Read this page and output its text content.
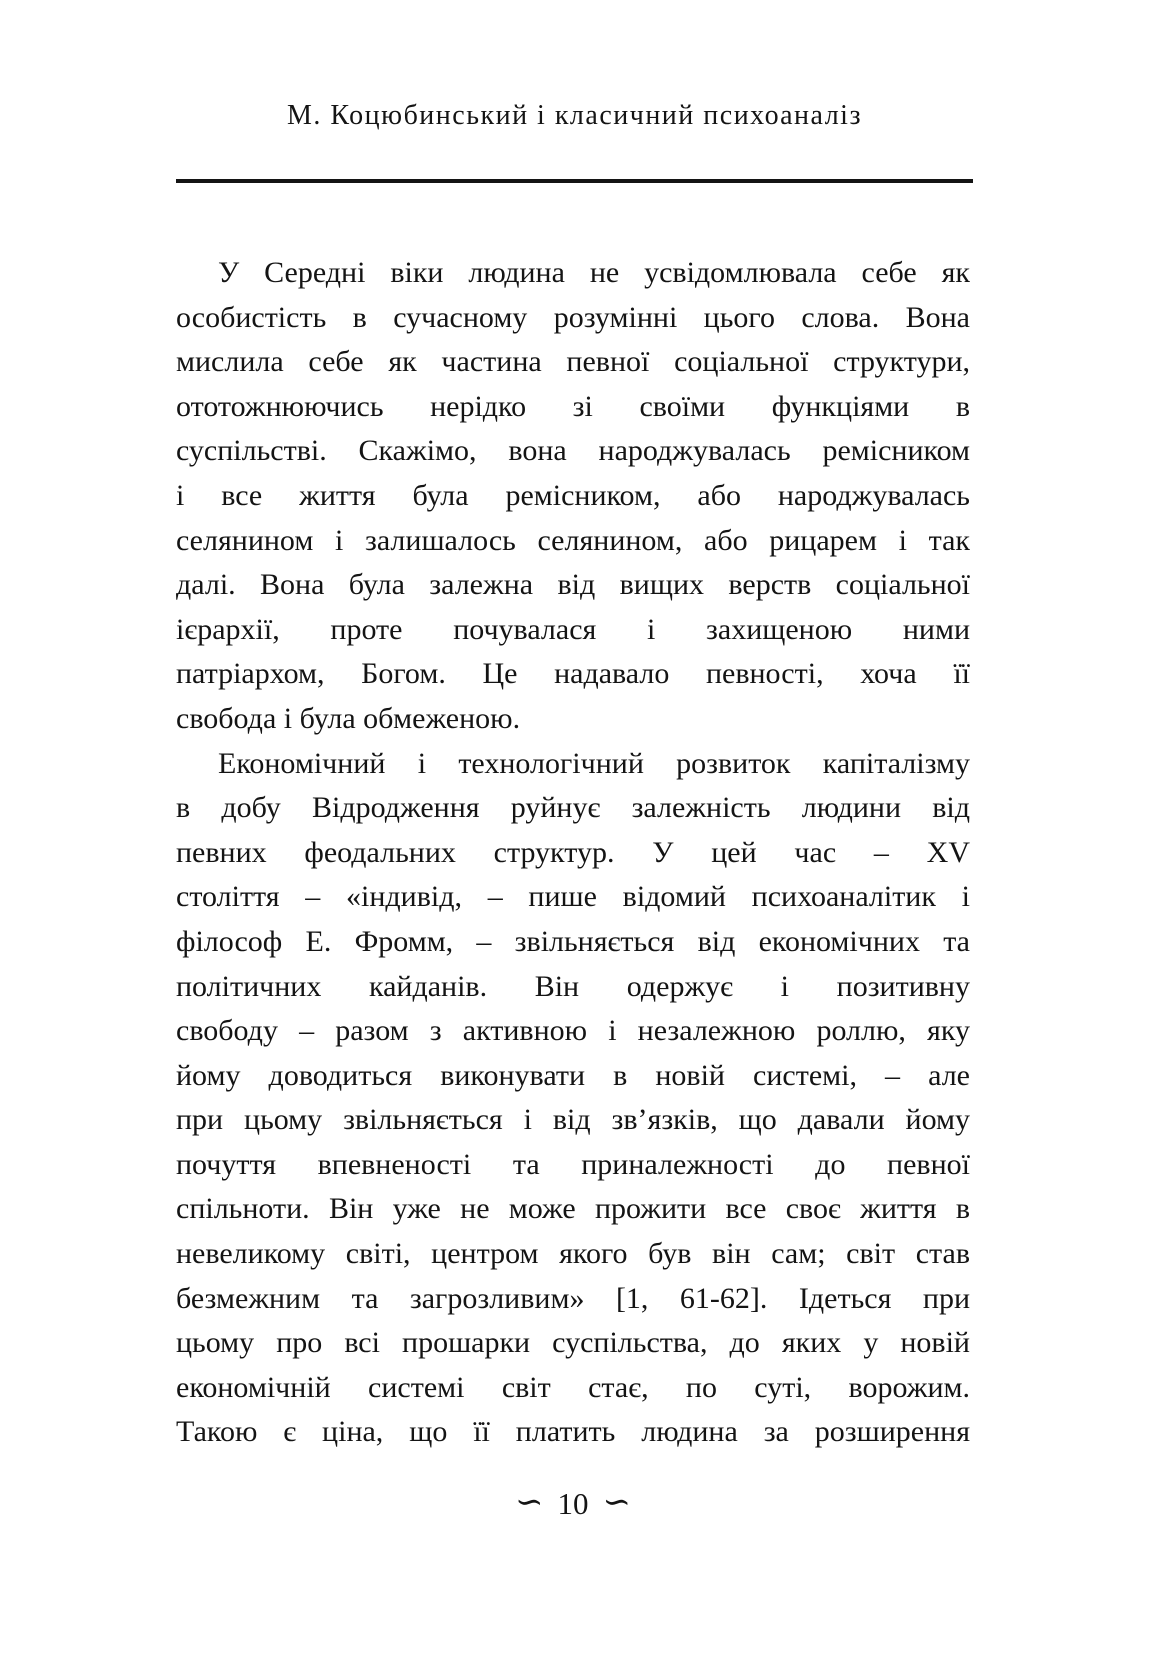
М. Коцюбинський і класичний психоаналіз
У Середні віки людина не усвідомлювала себе як
особистість в сучасному розумінні цього слова. Вона
мислила себе як частина певної соціальної структури,
ототожнюючись нерідко зі своїми функціями в
суспільстві. Скажімо, вона народжувалась ремісником
і все життя була ремісником, або народжувалась
селянином і залишалось селянином, або рицарем і так
далі. Вона була залежна від вищих верств соціальної
ієрархії, проте почувалася і захищеною ними
патріархом, Богом. Це надавало певності, хоча її
свобода і була обмеженою.
Економічний і технологічний розвиток капіталізму
в добу Відродження руйнує залежність людини від
певних феодальних структур. У цей час – XV
століття – «індивід, – пише відомий психоаналітик і
філософ Е. Фромм, – звільняється від економічних та
політичних кайданів. Він одержує і позитивну
свободу – разом з активною і незалежною роллю, яку
йому доводиться виконувати в новій системі, – але
при цьому звільняється і від зв’язків, що давали йому
почуття впевненості та приналежності до певної
спільноти. Він уже не може прожити все своє життя в
невеликому світі, центром якого був він сам; світ став
безмежним та загрозливим» [1, 61-62]. Ідеться при
цьому про всі прошарки суспільства, до яких у новій
економічній системі світ стає, по суті, ворожим.
Такою є ціна, що її платить людина за розширення
∽ 10 ∽
